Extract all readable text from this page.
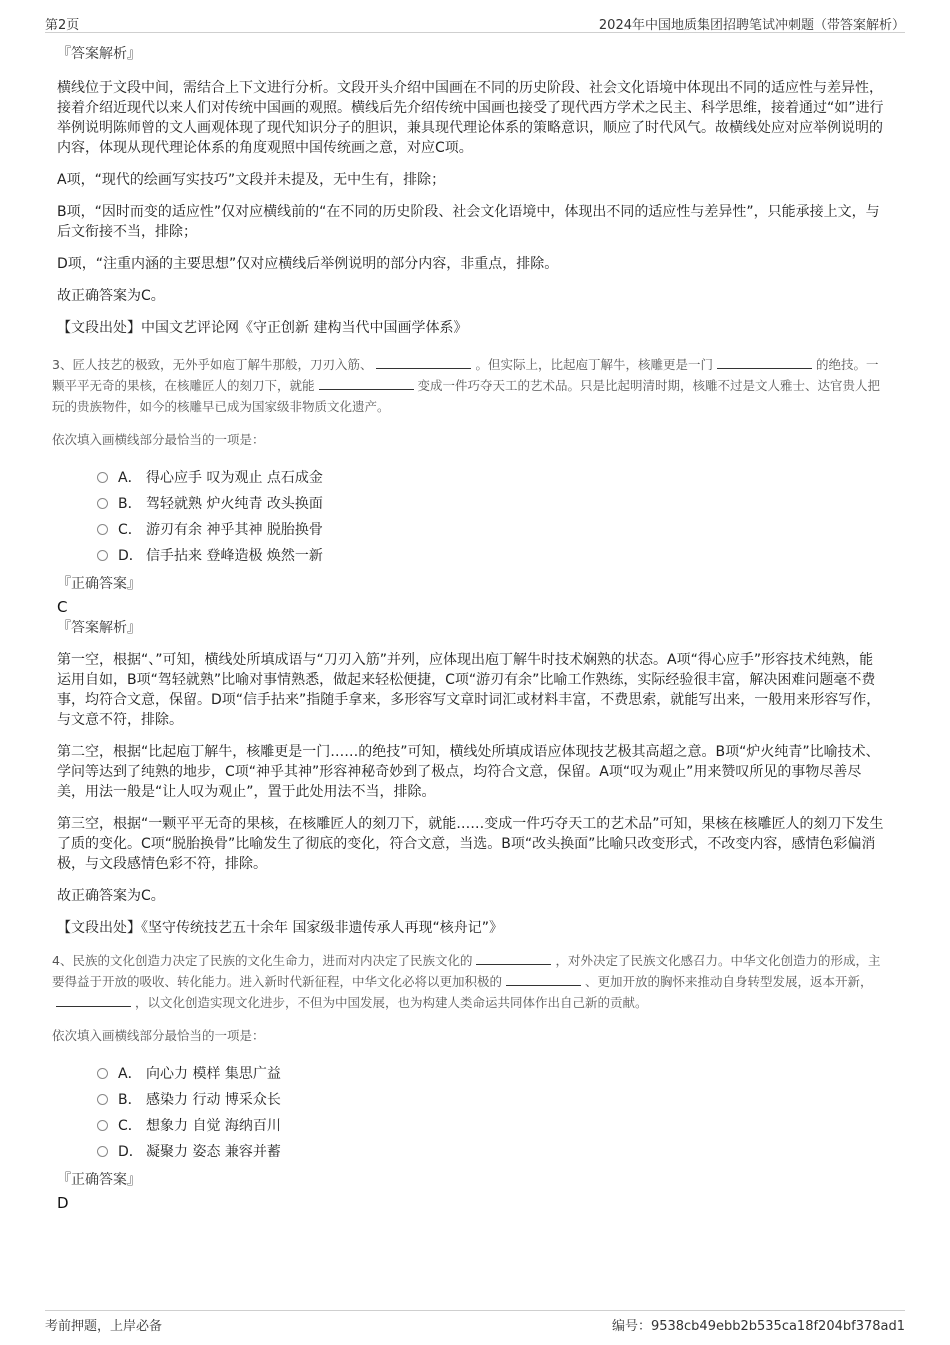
第2页	2024年中国地质集团招聘笔试冲刺题（带答案解析）
『答案解析』

横线位于文段中间，需结合上下文进行分析。文段开头介绍中国画在不同的历史阶段、社会文化语境中体现出不同的适应性与差异性，接着介绍近现代以来人们对传统中国画的观照。横线后先介绍传统中国画也接受了现代西方学术之民主、科学思维，接着通过“如”进行举例说明陈师曾的文人画观体现了现代知识分子的胆识，兼具现代理论体系的策略意识，顺应了时代风气。故横线处应对应举例说明的内容，体现从现代理论体系的角度观照中国传统画之意，对应C项。

A项，“现代的绘画写实技巧”文段并未提及，无中生有，排除；

B项，“因时而变的适应性”仅对应横线前的“在不同的历史阶段、社会文化语境中，体现出不同的适应性与差异性”，只能承接上文，与后文衔接不当，排除；

D项，“注重内涵的主要思想”仅对应横线后举例说明的部分内容，非重点，排除。

故正确答案为C。

【文段出处】中国文艺评论网《守正创新 建构当代中国画学体系》

3、匠人技艺的极致，无外乎如庖丁解牛那般，刀刃入筋、	。但实际上，比起庖丁解牛，核雕更是一门	的绝技。一颗平平无奇的果核，在核雕匠人的刻刀下，就能	变成一件巧夺天工的艺术品。只是比起明清时期，核雕不过是文人雅士、达官贵人把玩的贵族物件，如今的核雕早已成为国家级非物质文化遗产。

依次填入画横线部分最恰当的一项是：

A． 得心应手 叹为观止 点石成金
B． 驾轻就熟 炉火纯青 改头换面
C． 游刃有余 神乎其神 脱胎换骨
D． 信手拈来 登峰造极 焕然一新
『正确答案』
C
『答案解析』

第一空，根据“、”可知，横线处所填成语与“刀刃入筋”并列，应体现出庖丁解牛时技术娴熟的状态。A项“得心应手”形容技术纯熟，能运用自如，B项“驾轻就熟”比喻对事情熟悉，做起来轻松便捷，C项“游刃有余”比喻工作熟练，实际经验很丰富，解决困难问题毫不费事，均符合文意，保留。D项“信手拈来”指随手拿来，多形容写文章时词汇或材料丰富，不费思索，就能写出来，一般用来形容写作，与文意不符，排除。

第二空，根据“比起庖丁解牛，核雕更是一门……的绝技”可知，横线处所填成语应体现技艺极其高超之意。B项“炉火纯青”比喻技术、学问等达到了纯熟的地步，C项“神乎其神”形容神秘奇妙到了极点，均符合文意，保留。A项“叹为观止”用来赞叹所见的事物尽善尽美，用法一般是“让人叹为观止”，置于此处用法不当，排除。

第三空，根据“一颗平平无奇的果核，在核雕匠人的刻刀下，就能……变成一件巧夺天工的艺术品”可知，果核在核雕匠人的刻刀下发生了质的变化。C项“脱胎换骨”比喻发生了彻底的变化，符合文意，当选。B项“改头换面”比喻只改变形式，不改变内容，感情色彩偏消极，与文段感情色彩不符，排除。

故正确答案为C。

【文段出处】《坚守传统技艺五十余年 国家级非遗传承人再现“核舟记”》

4、民族的文化创造力决定了民族的文化生命力，进而对内决定了民族文化的	，对外决定了民族文化感召力。中华文化创造力的形成，主要得益于开放的吸收、转化能力。进入新时代新征程，中华文化必将以更加积极的	、更加开放的胸怀来推动自身转型发展，返本开新，，以文化创造实现文化进步，不但为中国发展，也为构建人类命运共同体作出自己新的贡献。

依次填入画横线部分最恰当的一项是：

A． 向心力 模样 集思广益
B． 感染力 行动 博采众长
C． 想象力 自觉 海纳百川
D． 凝聚力 姿态 兼容并蓄
『正确答案』
D
考前押题，上岸必备	编号：9538cb49ebb2b535ca18f204bf378ad1
